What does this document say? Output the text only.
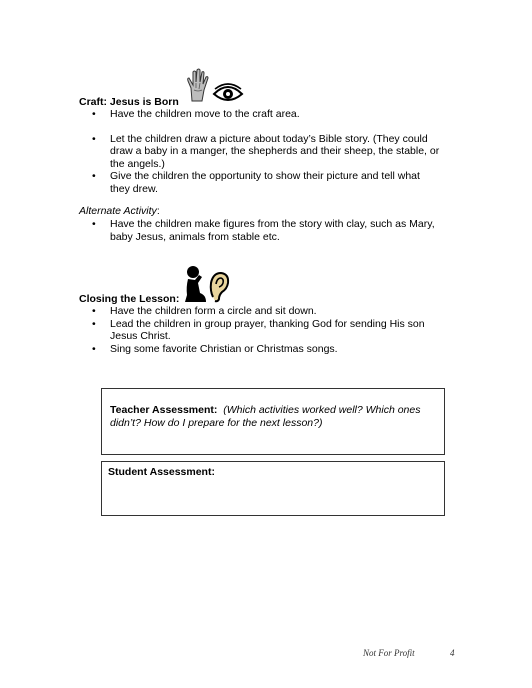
Craft: Jesus is Born
• Have the children move to the craft area.
• Let the children draw a picture about today’s Bible story. (They could draw a baby in a manger, the shepherds and their sheep, the stable, or the angels.)
• Give the children the opportunity to show their picture and tell what they drew.
Alternate Activity:
• Have the children make figures from the story with clay, such as Mary, baby Jesus, animals from stable etc.
Closing the Lesson:
• Have the children form a circle and sit down.
• Lead the children in group prayer, thanking God for sending His son Jesus Christ.
• Sing some favorite Christian or Christmas songs.
Teacher Assessment: (Which activities worked well? Which ones didn’t? How do I prepare for the next lesson?)
Student Assessment:
Not For Profit	4
